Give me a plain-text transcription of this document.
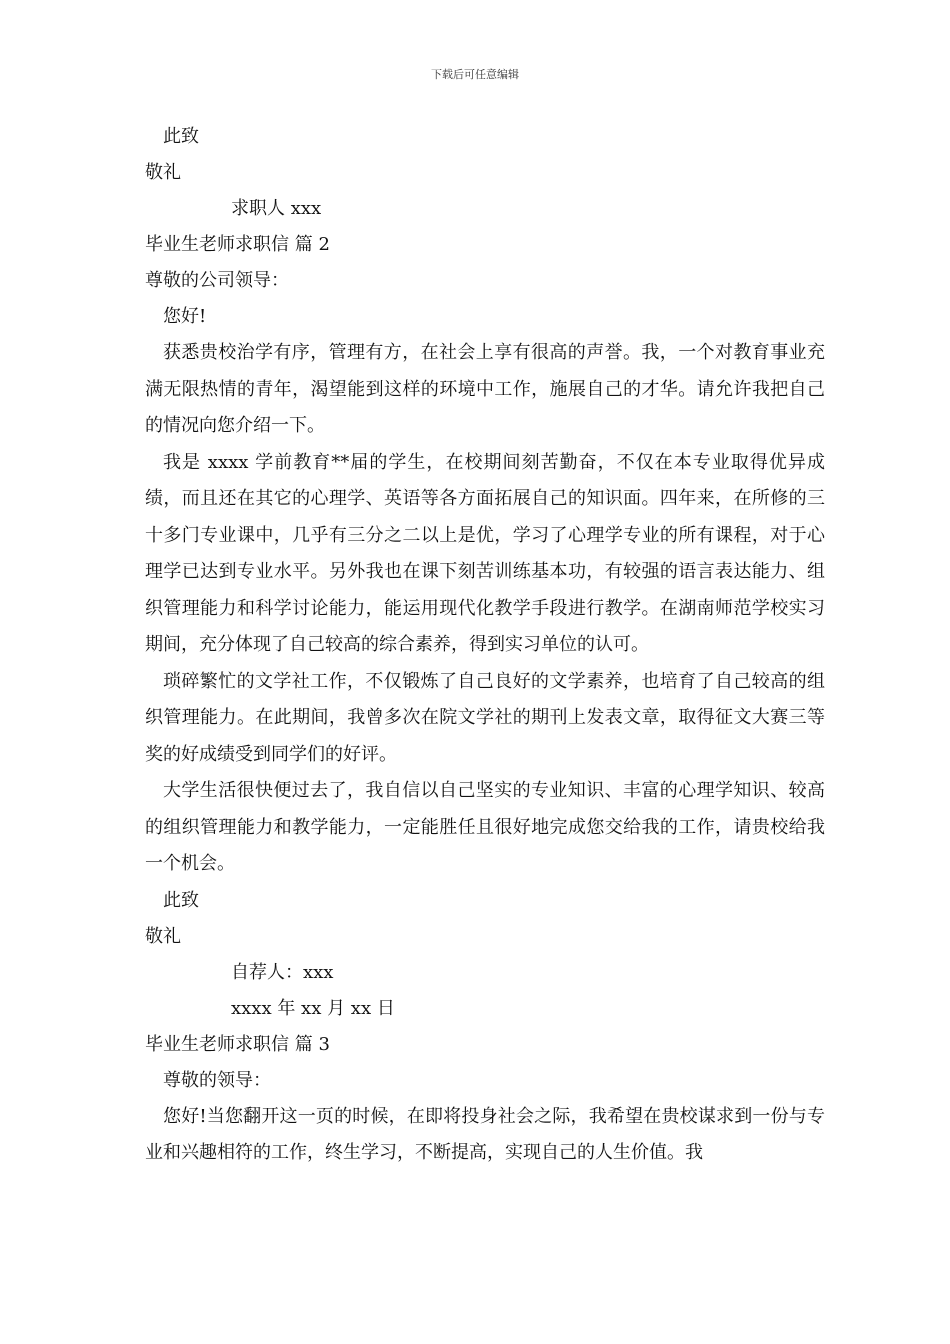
下载后可任意编辑
此致
敬礼
求职人 xxx
毕业生老师求职信 篇 2
尊敬的公司领导：
您好!

获悉贵校治学有序，管理有方，在社会上享有很高的声誉。我，一个对教育事业充满无限热情的青年，渴望能到这样的环境中工作，施展自己的才华。请允许我把自己的情况向您介绍一下。

我是 xxxx 学前教育**届的学生，在校期间刻苦勤奋，不仅在本专业取得优异成绩，而且还在其它的心理学、英语等各方面拓展自己的知识面。四年来，在所修的三十多门专业课中，几乎有三分之二以上是优，学习了心理学专业的所有课程，对于心理学已达到专业水平。另外我也在课下刻苦训练基本功，有较强的语言表达能力、组织管理能力和科学讨论能力，能运用现代化教学手段进行教学。在湖南师范学校实习期间，充分体现了自己较高的综合素养，得到实习单位的认可。

琐碎繁忙的文学社工作，不仅锻炼了自己良好的文学素养，也培育了自己较高的组织管理能力。在此期间，我曾多次在院文学社的期刊上发表文章，取得征文大赛三等奖的好成绩受到同学们的好评。

大学生活很快便过去了，我自信以自己坚实的专业知识、丰富的心理学知识、较高的组织管理能力和教学能力，一定能胜任且很好地完成您交给我的工作，请贵校给我一个机会。

此致
敬礼
自荐人：xxx
xxxx 年 xx 月 xx 日
毕业生老师求职信 篇 3
尊敬的领导：

您好!当您翻开这一页的时候，在即将投身社会之际，我希望在贵校谋求到一份与专业和兴趣相符的工作，终生学习，不断提高，实现自己的人生价值。我
